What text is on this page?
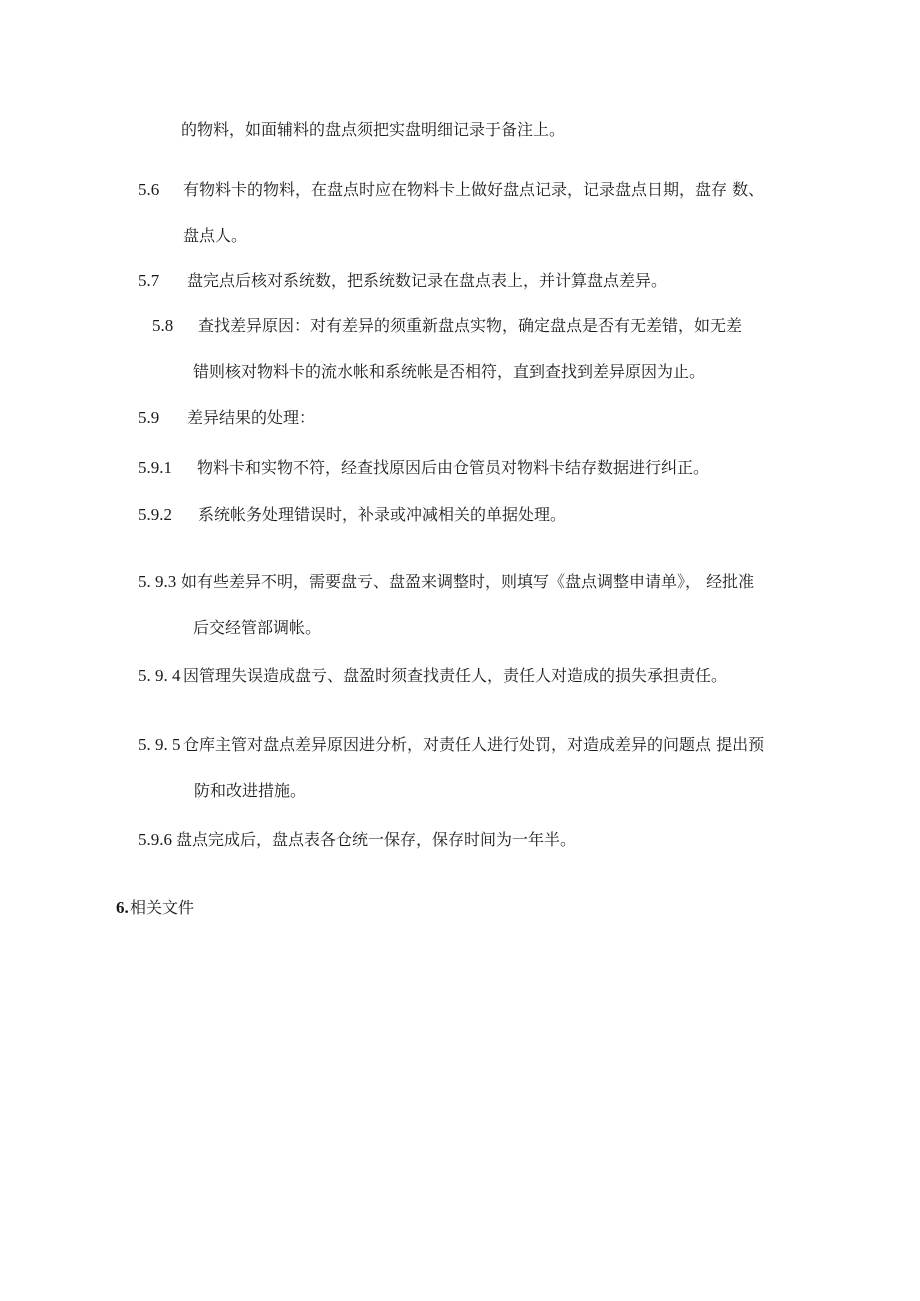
的物料，如面辅料的盘点须把实盘明细记录于备注上。
5.6 有物料卡的物料，在盘点时应在物料卡上做好盘点记录，记录盘点日期，盘存 数、
盘点人。
5.7 盘完点后核对系统数，把系统数记录在盘点表上，并计算盘点差异。
5.8 查找差异原因：对有差异的须重新盘点实物，确定盘点是否有无差错，如无差
错则核对物料卡的流水帐和系统帐是否相符，直到查找到差异原因为止。
5.9 差异结果的处理：
5.9.1 物料卡和实物不符，经查找原因后由仓管员对物料卡结存数据进行纠正。
5.9.2 系统帐务处理错误时，补录或冲减相关的单据处理。
5. 9.3 如有些差异不明，需要盘亏、盘盈来调整时，则填写《盘点调整申请单》， 经批准
后交经管部调帐。
5. 9. 4 因管理失误造成盘亏、盘盈时须查找责任人，责任人对造成的损失承担责任。
5. 9. 5 仓库主管对盘点差异原因进分析，对责任人进行处罚，对造成差异的问题点 提出预
防和改进措施。
5.9.6 盘点完成后，盘点表各仓统一保存，保存时间为一年半。
6.相关文件
